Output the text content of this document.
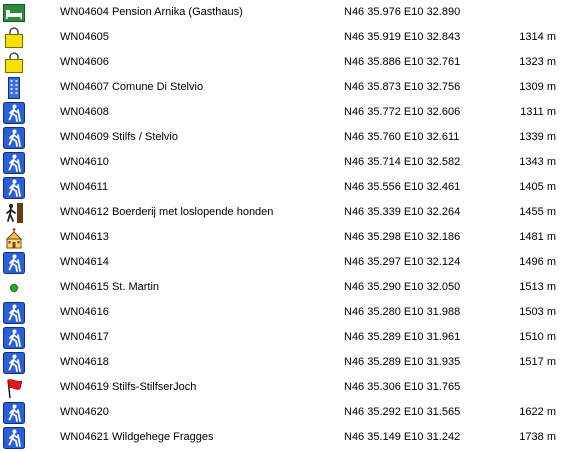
WN04604 Pension Arnika (Gasthaus)	N46 35.976 E10 32.890
WN04605	N46 35.919 E10 32.843	1314 m
WN04606	N46 35.886 E10 32.761	1323 m
WN04607 Comune Di Stelvio	N46 35.873 E10 32.756	1309 m
WN04608	N46 35.772 E10 32.606	1311 m
WN04609 Stilfs / Stelvio	N46 35.760 E10 32.611	1339 m
WN04610	N46 35.714 E10 32.582	1343 m
WN04611	N46 35.556 E10 32.461	1405 m
WN04612 Boerderij met loslopende honden	N46 35.339 E10 32.264	1455 m
WN04613	N46 35.298 E10 32.186	1481 m
WN04614	N46 35.297 E10 32.124	1496 m
WN04615 St. Martin	N46 35.290 E10 32.050	1513 m
WN04616	N46 35.280 E10 31.988	1503 m
WN04617	N46 35.289 E10 31.961	1510 m
WN04618	N46 35.289 E10 31.935	1517 m
WN04619 Stilfs-StilfserJoch	N46 35.306 E10 31.765
WN04620	N46 35.292 E10 31.565	1622 m
WN04621 Wildgehege Fragges	N46 35.149 E10 31.242	1738 m
